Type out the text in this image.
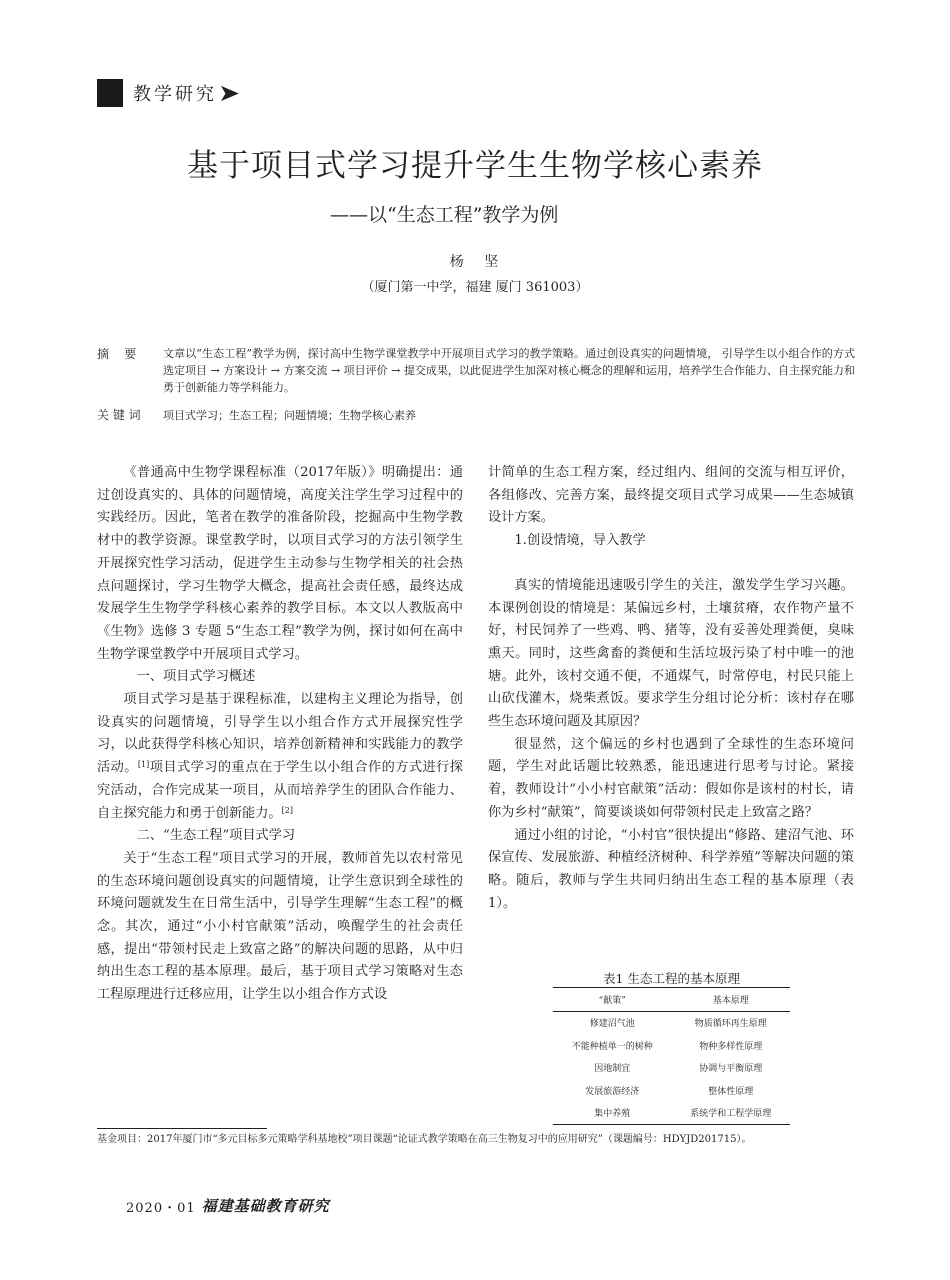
教学研究 ➤
基于项目式学习提升学生生物学核心素养
——以“生态工程”教学为例
杨 坚
（厦门第一中学，福建 厦门 361003）
摘    要 文章以“生态工程”教学为例，探讨高中生物学课堂教学中开展项目式学习的教学策略。通过创设真实的问题情境， 引导学生以小组合作的方式选定项目 → 方案设计 → 方案交流 → 项目评价 → 提交成果，以此促进学生加深对核心概念的理解和运用，培养学生合作能力、自主探究能力和勇于创新能力等学科能力。
关 键 词 项目式学习；生态工程；问题情境；生物学核心素养

《普通高中生物学课程标准（2017年版）》明确提出：通过创设真实的、具体的问题情境，高度关注学生学习过程中的实践经历。因此，笔者在教学的准备阶段，挖掘高中生物学教材中的教学资源。课堂教学时，以项目式学习的方法引领学生开展探究性学习活动，促进学生主动参与生物学相关的社会热点问题探讨，学习生物学大概念，提高社会责任感，最终达成发展学生生物学学科核心素养的教学目标。本文以人教版高中《生物》选修 3 专题 5“生态工程”教学为例，探讨如何在高中生物学课堂教学中开展项目式学习。

一、项目式学习概述

项目式学习是基于课程标准，以建构主义理论为指导，创设真实的问题情境，引导学生以小组合作方式开展探究性学习，以此获得学科核心知识，培养创新精神和实践能力的教学活动。[1]项目式学习的重点在于学生以小组合作的方式进行探究活动，合作完成某一项目，从而培养学生的团队合作能力、自主探究能力和勇于创新能力。[2]

二、“生态工程”项目式学习

关于“生态工程”项目式学习的开展，教师首先以农村常见的生态环境问题创设真实的问题情境，让学生意识到全球性的环境问题就发生在日常生活中，引导学生理解“生态工程”的概念。其次，通过“小小村官献策”活动，唤醒学生的社会责任感，提出“带领村民走上致富之路”的解决问题的思路，从中归纳出生态工程的基本原理。最后，基于项目式学习策略对生态工程原理进行迁移应用，让学生以小组合作方式设

计简单的生态工程方案，经过组内、组间的交流与相互评价，各组修改、完善方案，最终提交项目式学习成果——生态城镇设计方案。

1.创设情境，导入教学

真实的情境能迅速吸引学生的关注，激发学生学习兴趣。本课例创设的情境是：某偏远乡村，土壤贫瘠，农作物产量不好，村民饲养了一些鸡、鸭、猪等，没有妥善处理粪便，臭味熏天。同时，这些禽畜的粪便和生活垃圾污染了村中唯一的池塘。此外，该村交通不便，不通煤气，时常停电，村民只能上山砍伐灌木，烧柴煮饭。要求学生分组讨论分析：该村存在哪些生态环境问题及其原因？

很显然，这个偏远的乡村也遇到了全球性的生态环境问题，学生对此话题比较熟悉，能迅速进行思考与讨论。紧接着，教师设计“小小村官献策”活动：假如你是该村的村长，请你为乡村“献策”，简要谈谈如何带领村民走上致富之路？

通过小组的讨论，“小村官”很快提出“修路、建沼气池、环保宣传、发展旅游、种植经济树种、科学养殖”等解决问题的策略。随后，教师与学生共同归纳出生态工程的基本原理（表1）。

表1 生态工程的基本原理
“献策”	基本原理
修建沼气池	物质循环再生原理
不能种植单一的树种	物种多样性原理
因地制宜	协调与平衡原理
发展旅游经济	整体性原理
集中养殖	系统学和工程学原理
基金项目：2017年厦门市“多元目标多元策略学科基地校”项目课题“论证式教学策略在高三生物复习中的应用研究”（课题编号：HDYJD201715）。
2020・01 福建基础教育研究
